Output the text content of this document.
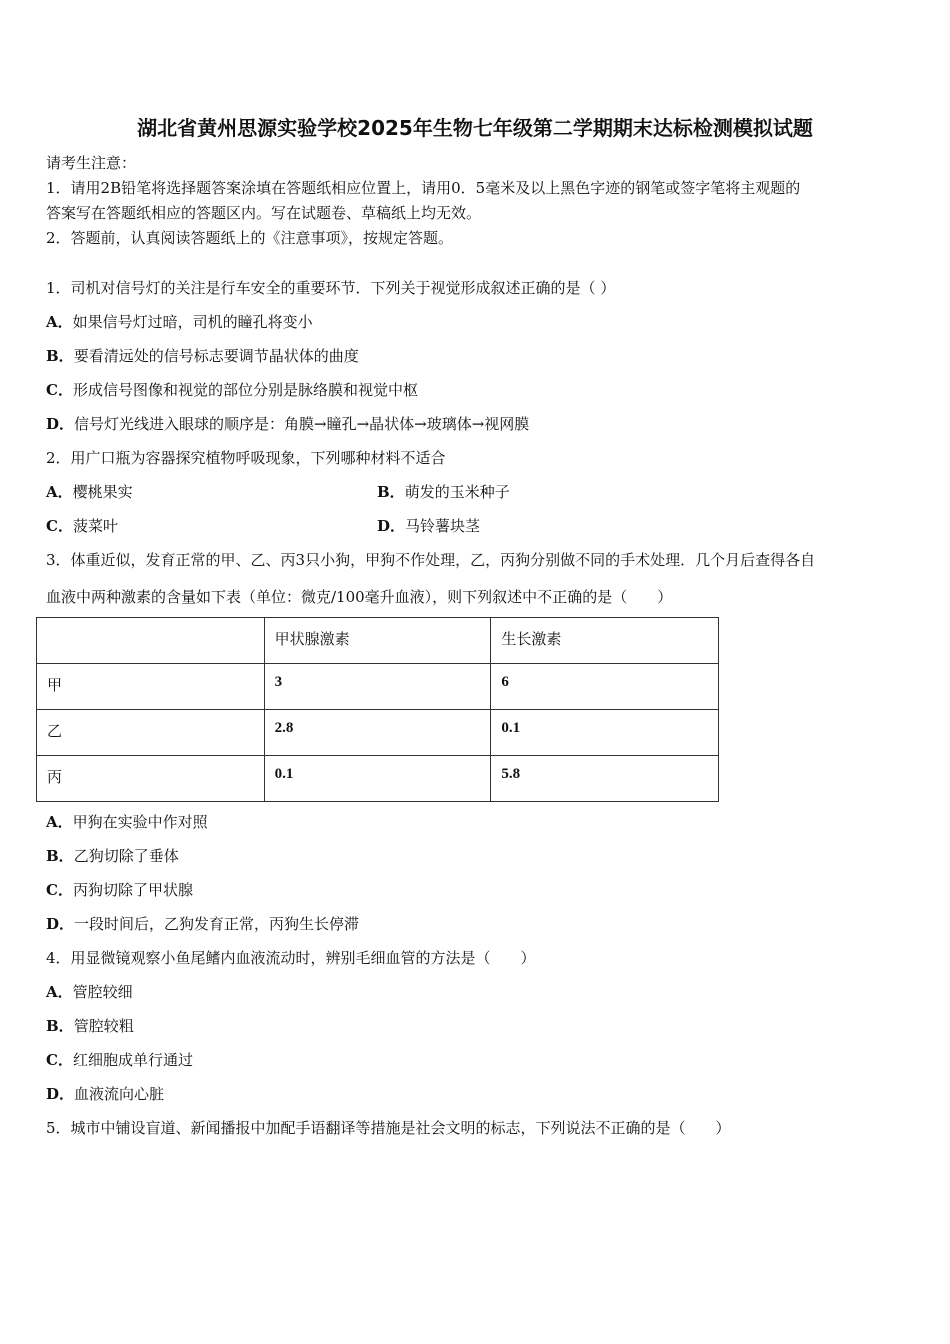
湖北省黄州思源实验学校2025年生物七年级第二学期期末达标检测模拟试题
请考生注意：
1．请用2B铅笔将选择题答案涂填在答题纸相应位置上，请用0．5毫米及以上黑色字迹的钢笔或签字笔将主观题的
答案写在答题纸相应的答题区内。写在试题卷、草稿纸上均无效。
2．答题前，认真阅读答题纸上的《注意事项》，按规定答题。
1．司机对信号灯的关注是行车安全的重要环节．下列关于视觉形成叙述正确的是（ ）
A．如果信号灯过暗，司机的瞳孔将变小
B．要看清远处的信号标志要调节晶状体的曲度
C．形成信号图像和视觉的部位分别是脉络膜和视觉中枢
D．信号灯光线进入眼球的顺序是：角膜→瞳孔→晶状体→玻璃体→视网膜
2．用广口瓶为容器探究植物呼吸现象，下列哪种材料不适合
A．樱桃果实	B．萌发的玉米种子
C．菠菜叶	D．马铃薯块茎
3．体重近似，发育正常的甲、乙、丙3只小狗，甲狗不作处理，乙，丙狗分别做不同的手术处理．几个月后查得各自
血液中两种激素的含量如下表（单位：微克/100毫升血液），则下列叙述中不正确的是（　　）
	甲状腺激素	生长激素
甲	3	6
乙	2.8	0.1
丙	0.1	5.8
A．甲狗在实验中作对照
B．乙狗切除了垂体
C．丙狗切除了甲状腺
D．一段时间后，乙狗发育正常，丙狗生长停滞
4．用显微镜观察小鱼尾鳍内血液流动时，辨别毛细血管的方法是（　　）
A．管腔较细
B．管腔较粗
C．红细胞成单行通过
D．血液流向心脏
5．城市中铺设盲道、新闻播报中加配手语翻译等措施是社会文明的标志，下列说法不正确的是（　　）
